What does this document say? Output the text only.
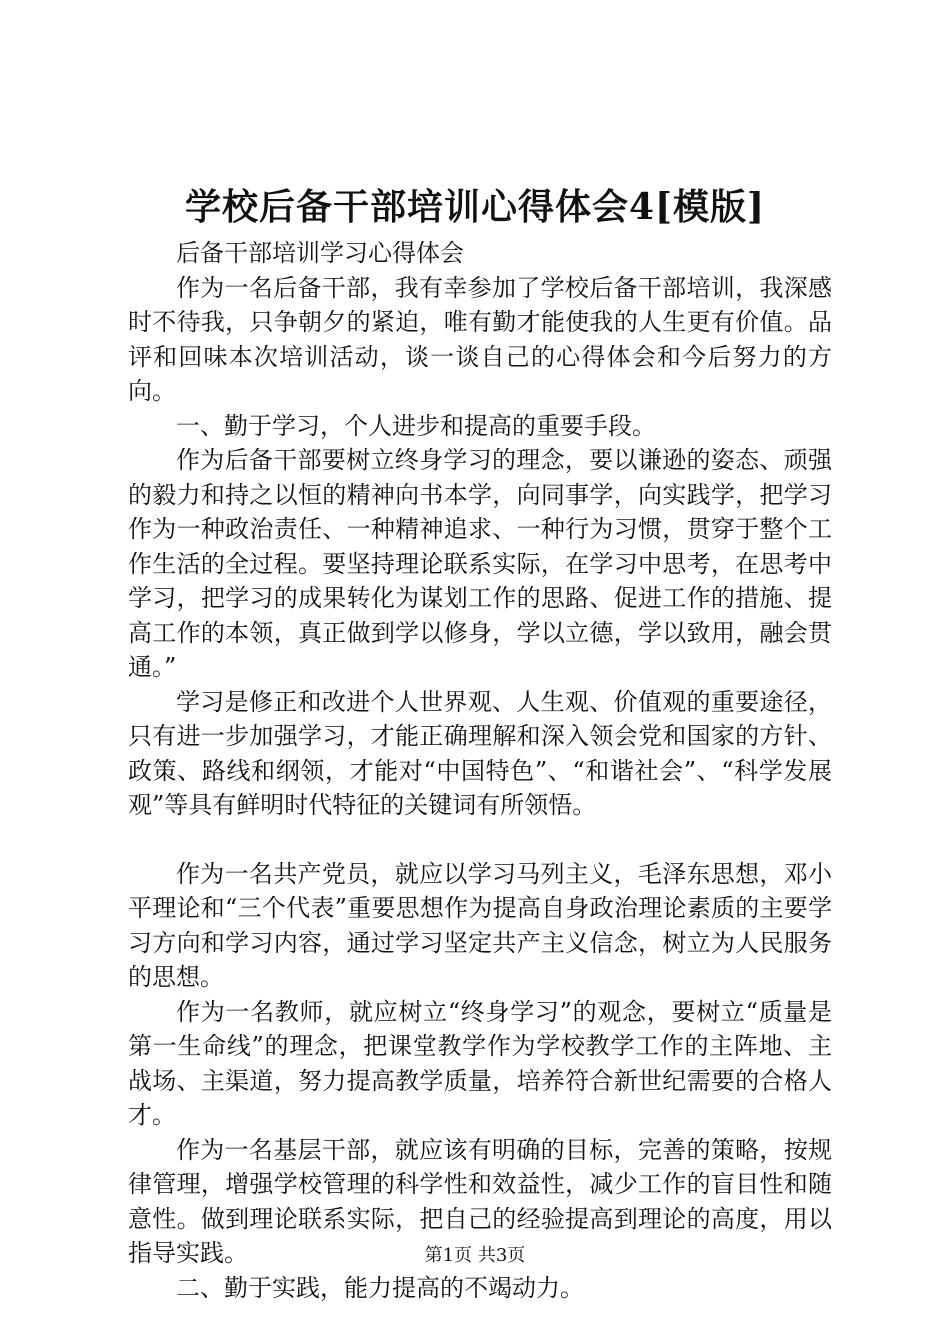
学校后备干部培训心得体会4[模版]

后备干部培训学习心得体会

作为一名后备干部，我有幸参加了学校后备干部培训，我深感时不待我，只争朝夕的紧迫，唯有勤才能使我的人生更有价值。品评和回味本次培训活动，谈一谈自己的心得体会和今后努力的方向。

一、勤于学习，个人进步和提高的重要手段。

作为后备干部要树立终身学习的理念，要以谦逊的姿态、顽强的毅力和持之以恒的精神向书本学，向同事学，向实践学，把学习作为一种政治责任、一种精神追求、一种行为习惯，贯穿于整个工作生活的全过程。要坚持理论联系实际，在学习中思考，在思考中学习，把学习的成果转化为谋划工作的思路、促进工作的措施、提高工作的本领，真正做到学以修身，学以立德，学以致用，融会贯通。”

学习是修正和改进个人世界观、人生观、价值观的重要途径，只有进一步加强学习，才能正确理解和深入领会党和国家的方针、政策、路线和纲领，才能对“中国特色”、“和谐社会”、“科学发展观”等具有鲜明时代特征的关键词有所领悟。

作为一名共产党员，就应以学习马列主义，毛泽东思想，邓小平理论和“三个代表”重要思想作为提高自身政治理论素质的主要学习方向和学习内容，通过学习坚定共产主义信念，树立为人民服务的思想。

作为一名教师，就应树立“终身学习”的观念，要树立“质量是第一生命线”的理念，把课堂教学作为学校教学工作的主阵地、主战场、主渠道，努力提高教学质量，培养符合新世纪需要的合格人才。

作为一名基层干部，就应该有明确的目标，完善的策略，按规律管理，增强学校管理的科学性和效益性，减少工作的盲目性和随意性。做到理论联系实际，把自己的经验提高到理论的高度，用以指导实践。

二、勤于实践，能力提高的不竭动力。

第1页 共3页
